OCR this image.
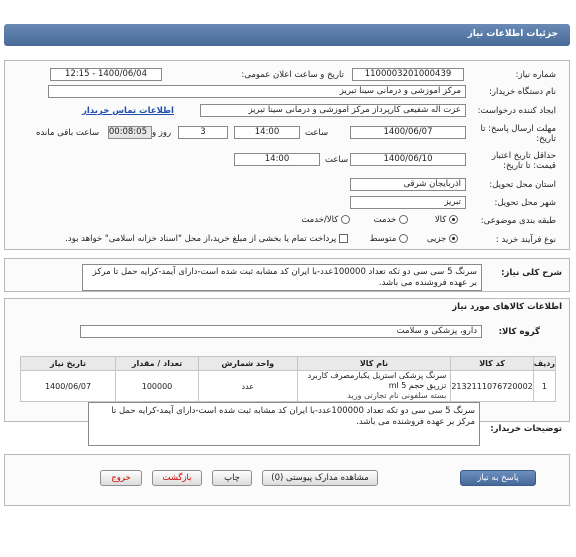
جزئیات اطلاعات نیاز
شماره نیاز:
1100003201000439
تاریخ و ساعت اعلان عمومی:
1400/06/04 - 12:15
نام دستگاه خریدار:
مرکز اموزشی و درمانی سینا تبریز
ایجاد کننده درخواست:
عزت اله شفیعی کارپرداز مرکز اموزشی و درمانی سینا تبریز
اطلاعات تماس خریدار
مهلت ارسال پاسخ: تا تاریخ:
1400/06/07
ساعت
14:00
3
روز و
00:08:05
ساعت باقی مانده
حداقل تاریخ اعتبار قیمت: تا تاریخ:
1400/06/10
ساعت
14:00
استان محل تحویل:
آذربایجان شرقی
شهر محل تحویل:
تبریز
طبقه بندی موضوعی:
کالا
خدمت
کالا/خدمت
نوع فرآیند خرید :
جزیی
متوسط
پرداخت تمام یا بخشی از مبلغ خرید،از محل "اسناد خزانه اسلامی" خواهد بود.
شرح کلی نیاز:
سرنگ 5 سی سی دو تکه تعداد 100000عدد-با ایران کد مشابه ثبت شده است-دارای آیمد-کرایه حمل تا مرکز بر عهده فروشنده می باشد.
اطلاعات کالاهای مورد نیاز
گروه کالا:
دارو، پزشکی و سلامت
ردیف	کد کالا	نام کالا	واحد شمارش	تعداد / مقدار	تاریخ نیاز
1	2132111076720002	سرنگ پزشکی استریل یکبارمصرف کاربرد تزریق حجم 5 ml
بسته سلفونی نام تجارتی ورید	عدد	100000	1400/06/07
توضیحات خریدار:
سرنگ 5 سی سی دو تکه تعداد 100000عدد-با ایران کد مشابه ثبت شده است-دارای آیمد-کرایه حمل تا مرکز بر عهده فروشنده می باشد.
پاسخ به نیاز
مشاهده مدارک پیوستی (0)
چاپ
بازگشت
خروج
